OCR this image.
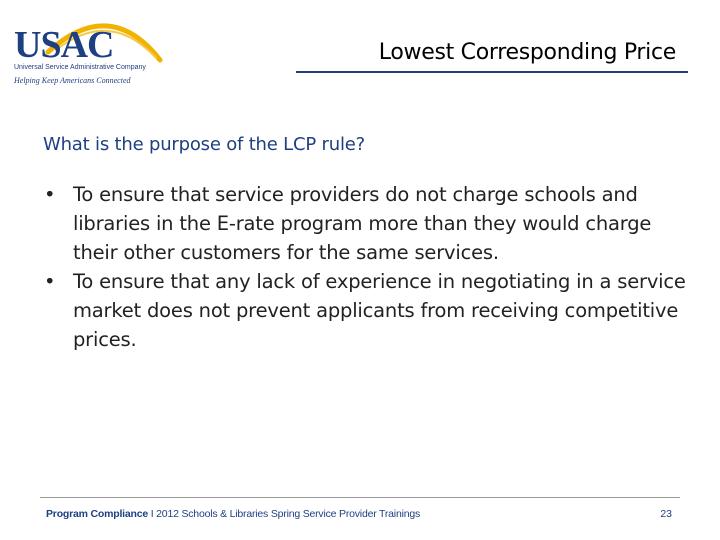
USAC
Universal Service Administrative Company
Helping Keep Americans Connected
Lowest Corresponding Price
What is the purpose of the LCP rule?
• To ensure that service providers do not charge schools and libraries in the E-rate program more than they would charge their other customers for the same services.
• To ensure that any lack of experience in negotiating in a service market does not prevent applicants from receiving competitive prices.
Program Compliance I 2012 Schools & Libraries Spring Service Provider Trainings	23
